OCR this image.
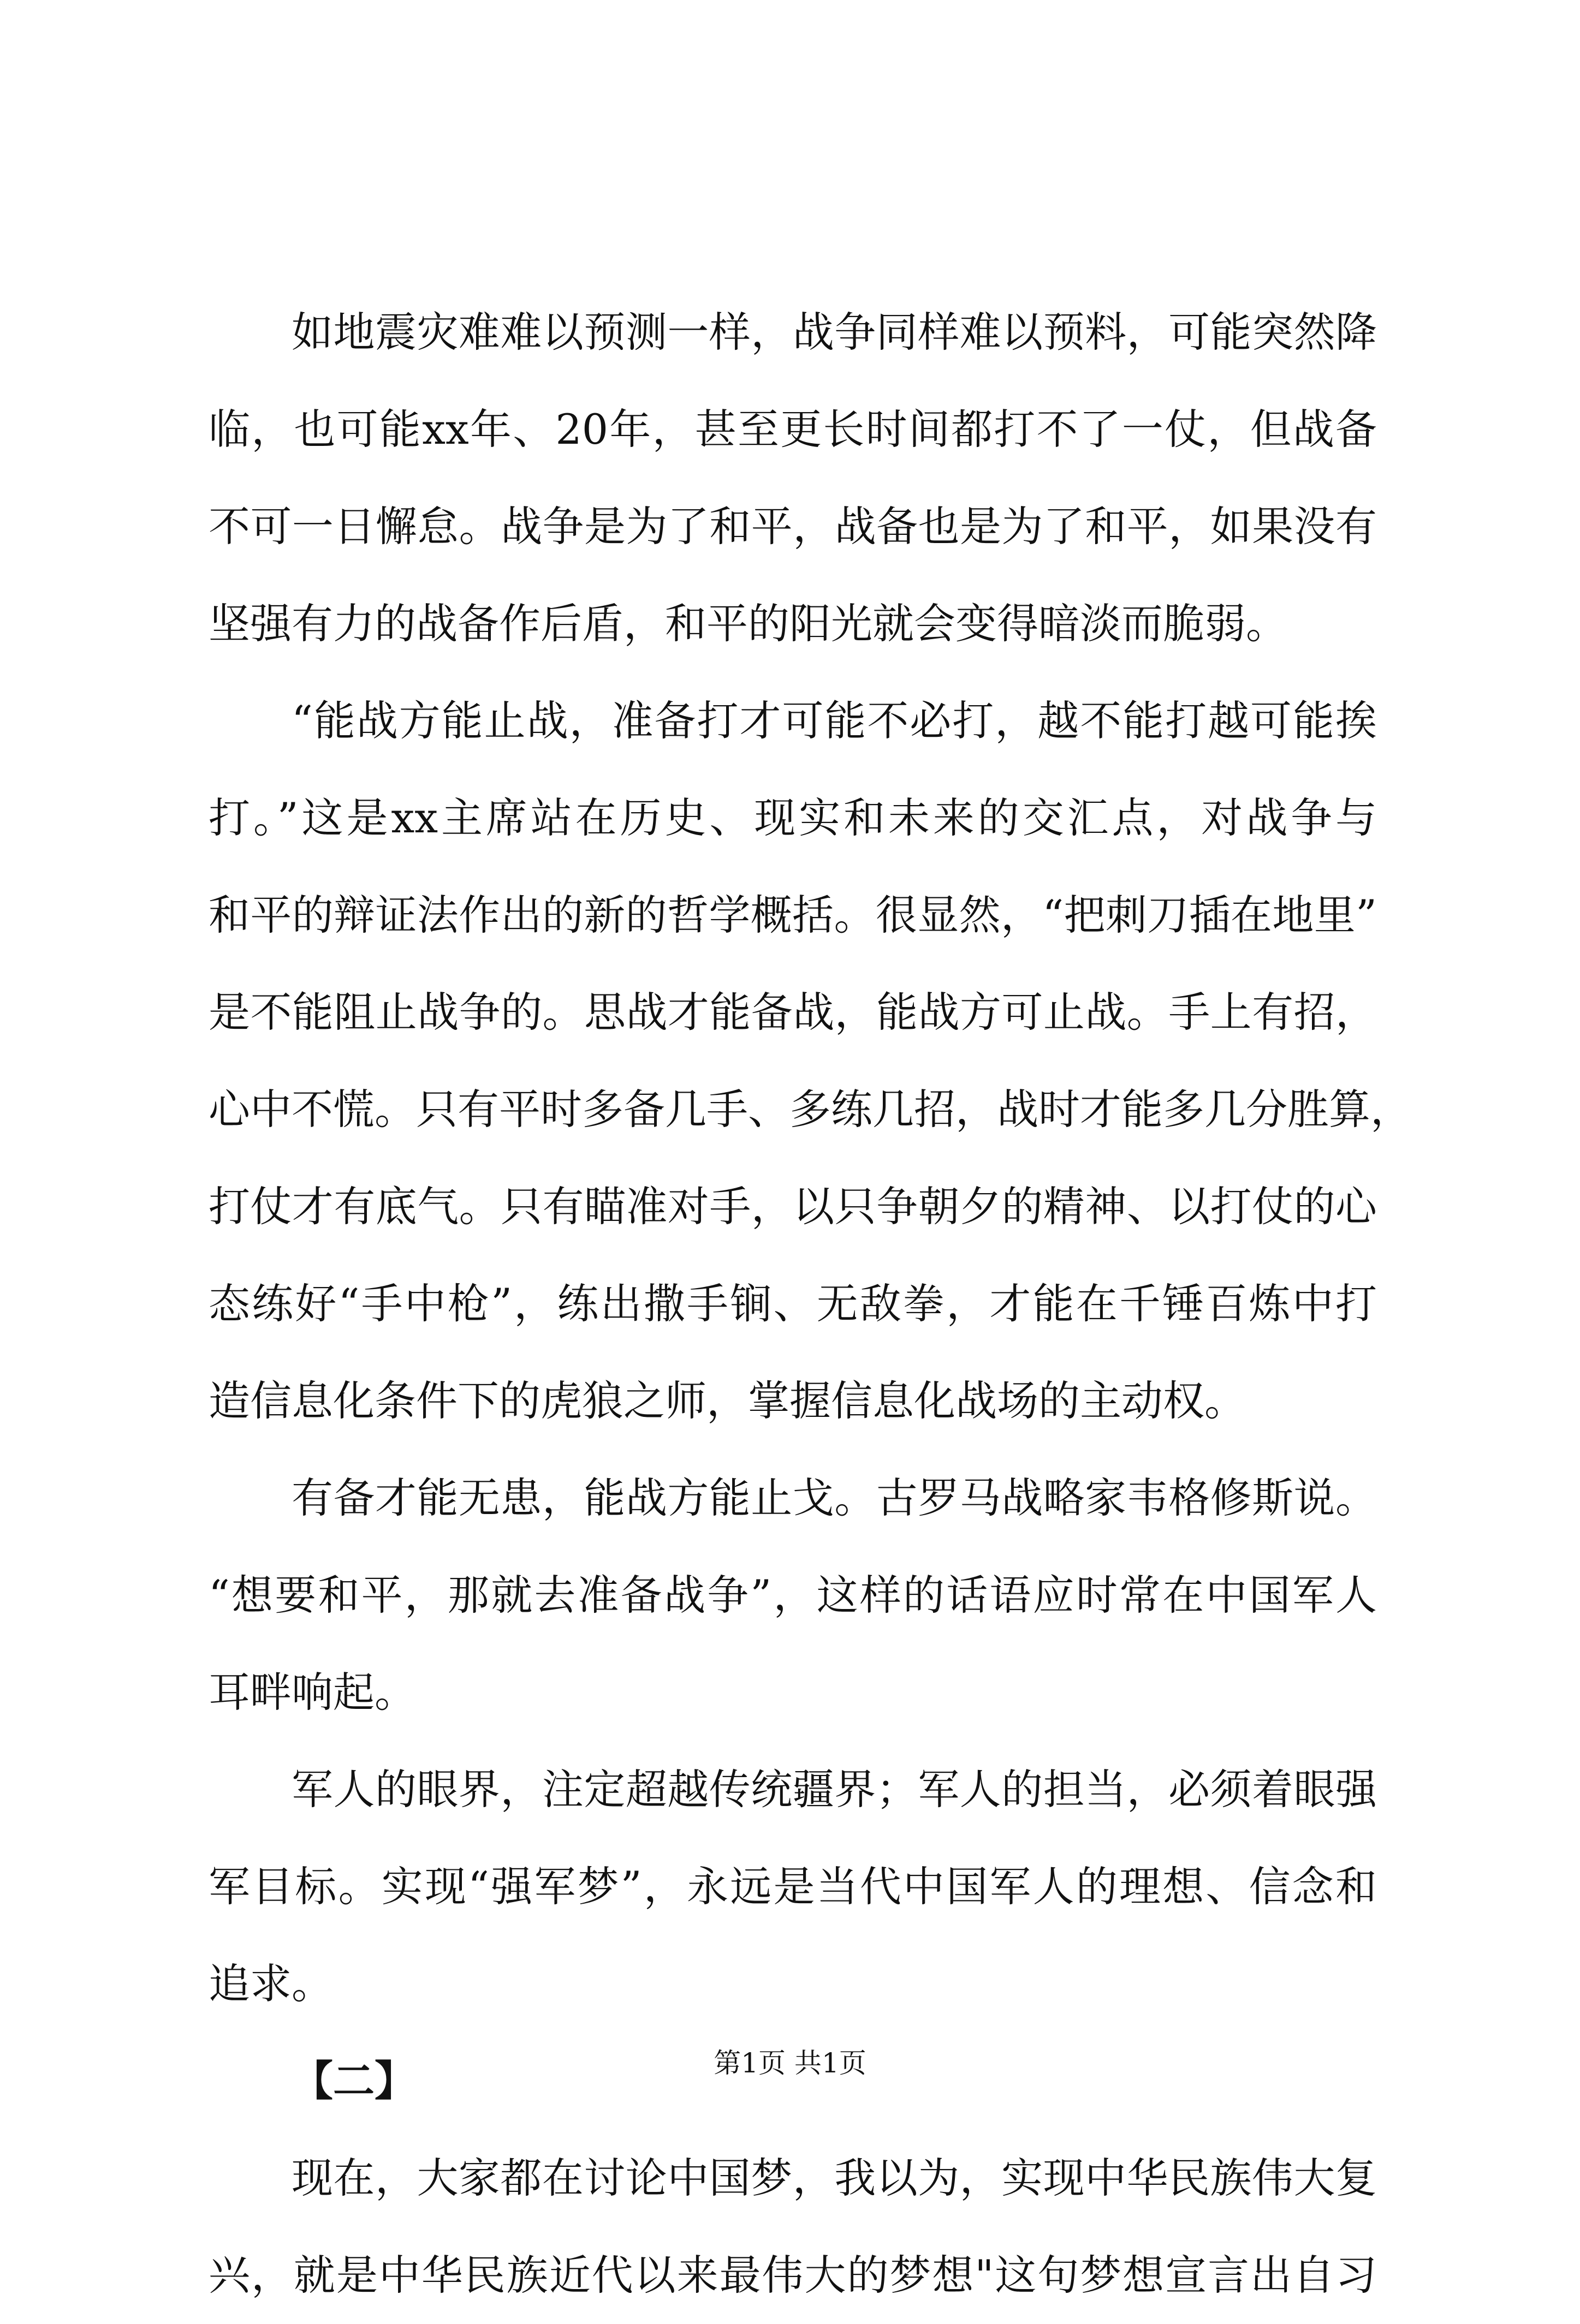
如地震灾难难以预测一样，战争同样难以预料，可能突然降
临，也可能xx年、20年，甚至更长时间都打不了一仗，但战备
不可一日懈怠。战争是为了和平，战备也是为了和平，如果没有
坚强有力的战备作后盾，和平的阳光就会变得暗淡而脆弱。
“能战方能止战，准备打才可能不必打，越不能打越可能挨
打。”这是xx主席站在历史、现实和未来的交汇点，对战争与
和平的辩证法作出的新的哲学概括。很显然，“把刺刀插在地里”
是不能阻止战争的。思战才能备战，能战方可止战。手上有招，
心中不慌。只有平时多备几手、多练几招，战时才能多几分胜算，
打仗才有底气。只有瞄准对手，以只争朝夕的精神、以打仗的心
态练好“手中枪”，练出撒手锏、无敌拳，才能在千锤百炼中打
造信息化条件下的虎狼之师，掌握信息化战场的主动权。
有备才能无患，能战方能止戈。古罗马战略家韦格修斯说。
“想要和平，那就去准备战争”，这样的话语应时常在中国军人
耳畔响起。
军人的眼界，注定超越传统疆界；军人的担当，必须着眼强
军目标。实现“强军梦”，永远是当代中国军人的理想、信念和
追求。
【二】
现在，大家都在讨论中国梦，我以为，实现中华民族伟大复
兴，就是中华民族近代以来最伟大的梦想"这句梦想宣言出自习
第1页 共1页
